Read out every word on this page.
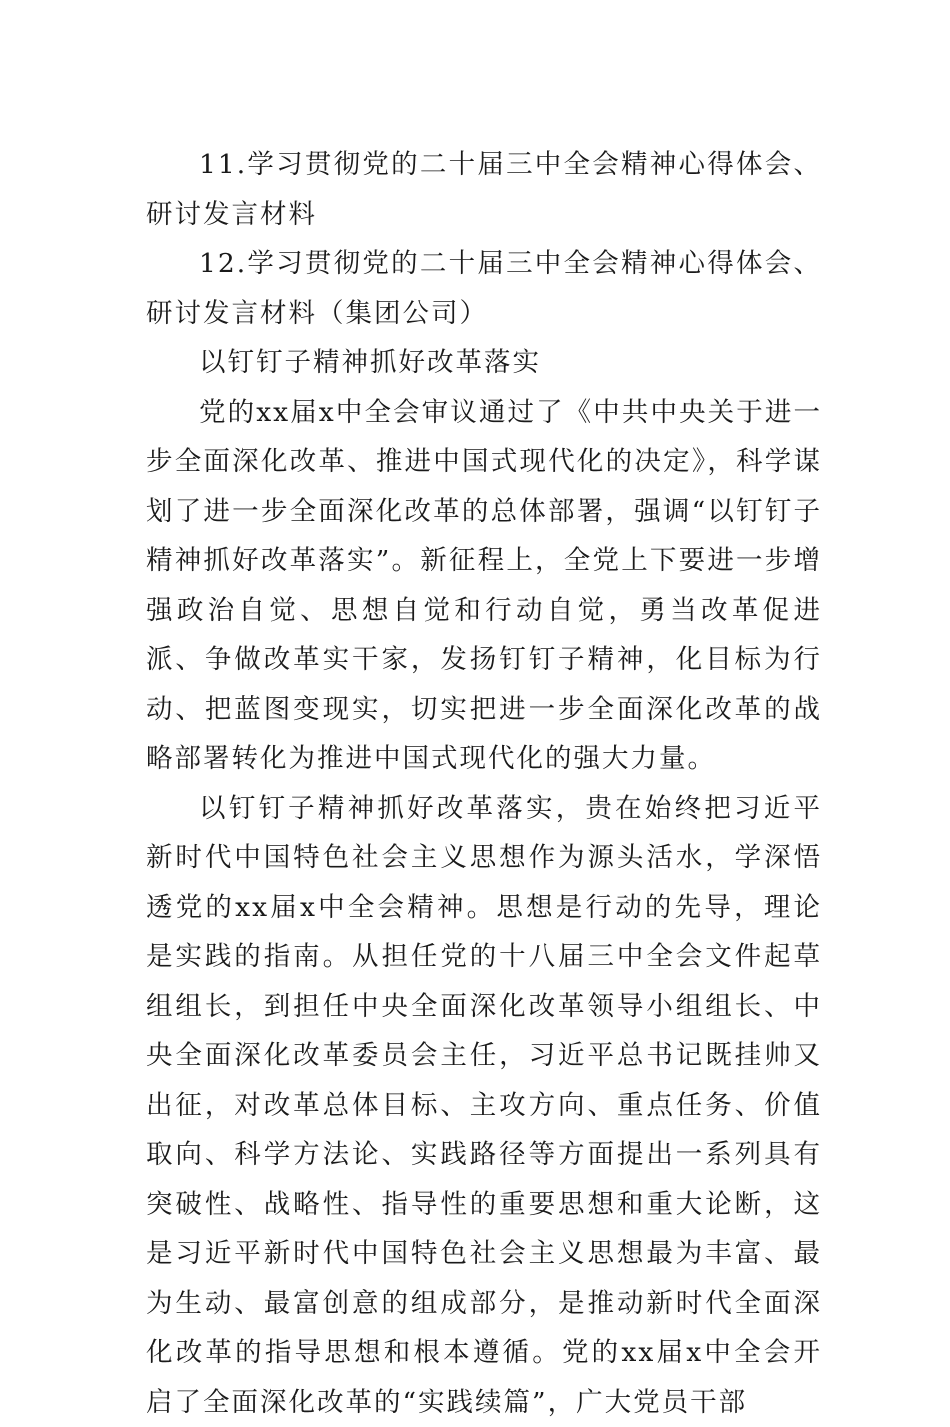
11.学习贯彻党的二十届三中全会精神心得体会、研讨发言材料

12.学习贯彻党的二十届三中全会精神心得体会、研讨发言材料（集团公司）

以钉钉子精神抓好改革落实

党的xx届x中全会审议通过了《中共中央关于进一步全面深化改革、推进中国式现代化的决定》，科学谋划了进一步全面深化改革的总体部署，强调“以钉钉子精神抓好改革落实”。新征程上，全党上下要进一步增强政治自觉、思想自觉和行动自觉，勇当改革促进派、争做改革实干家，发扬钉钉子精神，化目标为行动、把蓝图变现实，切实把进一步全面深化改革的战略部署转化为推进中国式现代化的强大力量。

以钉钉子精神抓好改革落实，贵在始终把习近平新时代中国特色社会主义思想作为源头活水，学深悟透党的xx届x中全会精神。思想是行动的先导，理论是实践的指南。从担任党的十八届三中全会文件起草组组长，到担任中央全面深化改革领导小组组长、中央全面深化改革委员会主任，习近平总书记既挂帅又出征，对改革总体目标、主攻方向、重点任务、价值取向、科学方法论、实践路径等方面提出一系列具有突破性、战略性、指导性的重要思想和重大论断，这是习近平新时代中国特色社会主义思想最为丰富、最为生动、最富创意的组成部分，是推动新时代全面深化改革的指导思想和根本遵循。党的xx届x中全会开启了全面深化改革的“实践续篇”，广大党员干部
